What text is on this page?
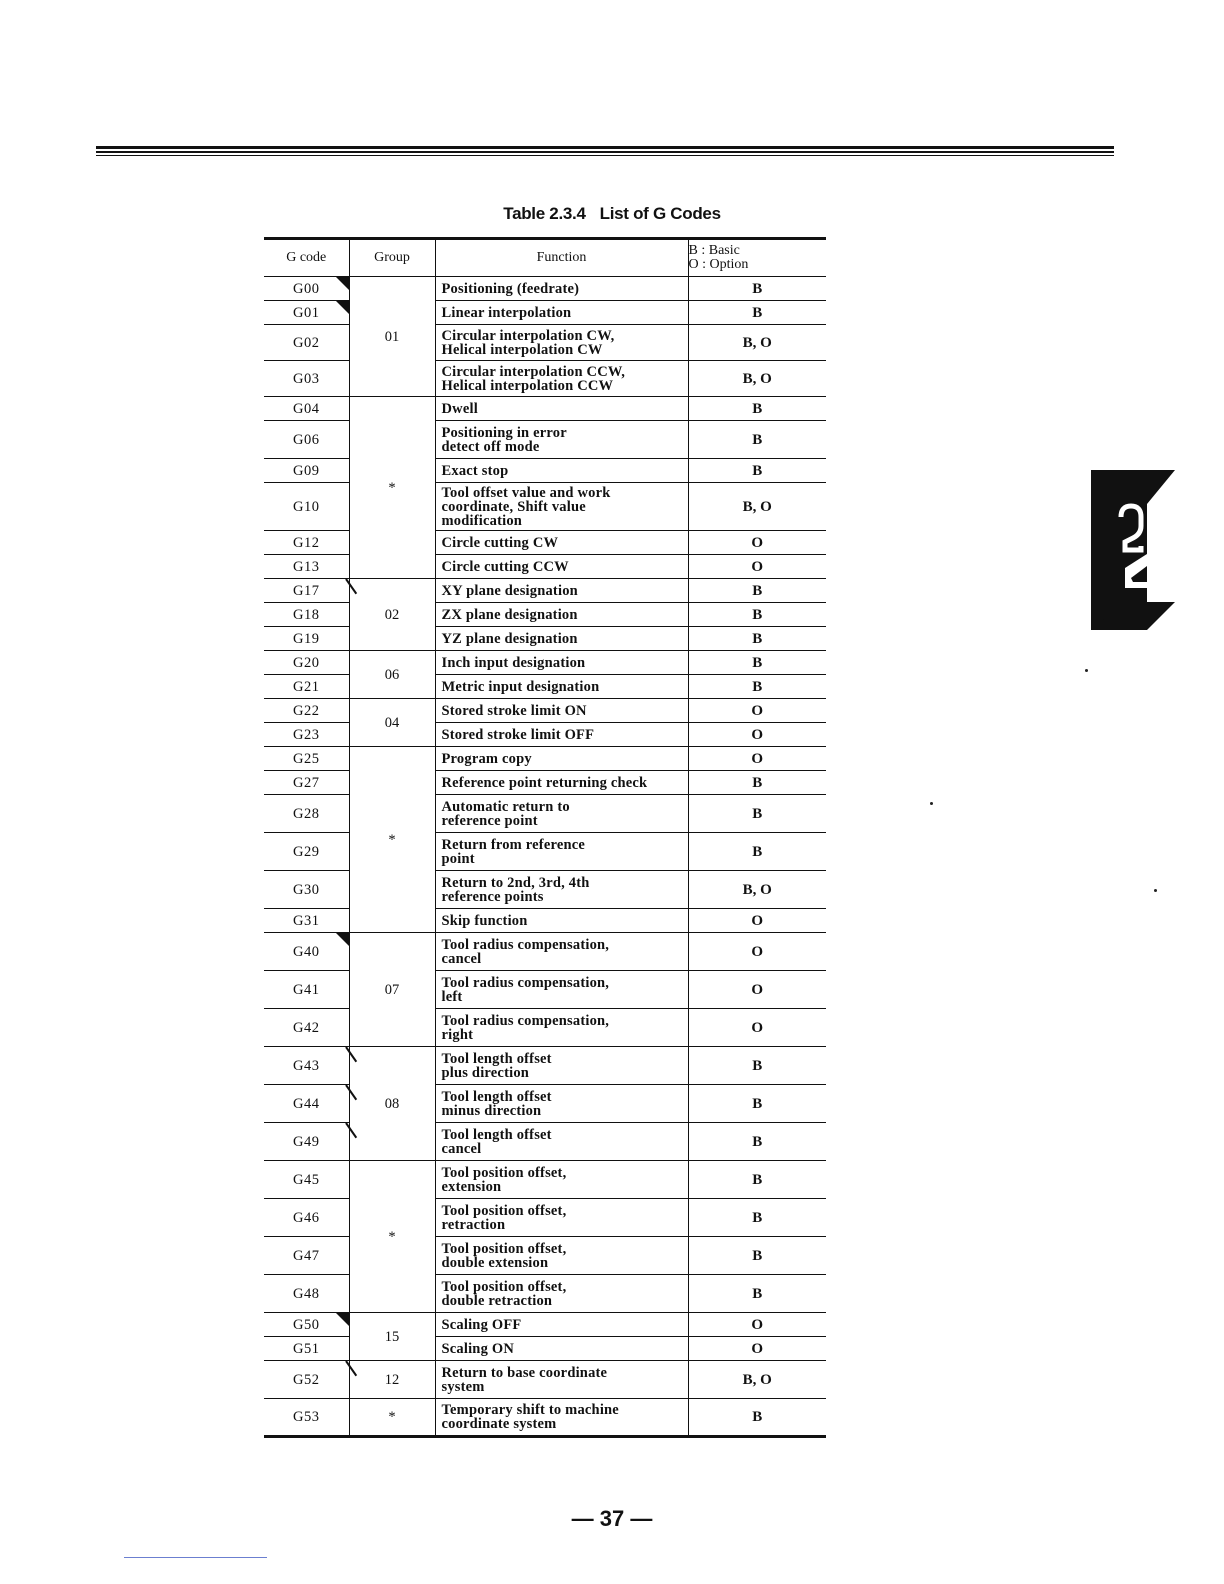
Table 2.3.4 List of G Codes
G code	Group	Function	B : Basic
O : Option

G00	01	Positioning (feedrate)	B
G01		Linear interpolation	B
G02		Circular interpolation CW,
Helical interpolation CW	B, O
G03		Circular interpolation CCW,
Helical interpolation CCW	B, O
G04	*	Dwell	B
G06		Positioning in error
detect off mode	B
G09		Exact stop	B
G10		Tool offset value and work
coordinate, Shift value
modification	B, O
G12		Circle cutting CW	O
G13		Circle cutting CCW	O
G17	02	XY plane designation	B
G18		ZX plane designation	B
G19		YZ plane designation	B
G20	06	Inch input designation	B
G21		Metric input designation	B
G22	04	Stored stroke limit ON	O
G23		Stored stroke limit OFF	O
G25	*	Program copy	O
G27		Reference point returning check	B
G28		Automatic return to
reference point	B
G29		Return from reference
point	B
G30		Return to 2nd, 3rd, 4th
reference points	B, O
G31		Skip function	O
G40	07	Tool radius compensation,
cancel	O
G41		Tool radius compensation,
left	O
G42		Tool radius compensation,
right	O
G43	08	Tool length offset
plus direction	B
G44		Tool length offset
minus direction	B
G49		Tool length offset
cancel	B
G45	*	Tool position offset,
extension	B
G46		Tool position offset,
retraction	B
G47		Tool position offset,
double extension	B
G48		Tool position offset,
double retraction	B
G50	15	Scaling OFF	O
G51		Scaling ON	O
G52	12	Return to base coordinate
system	B, O
G53	*	Temporary shift to machine
coordinate system	B
2
— 37 —
